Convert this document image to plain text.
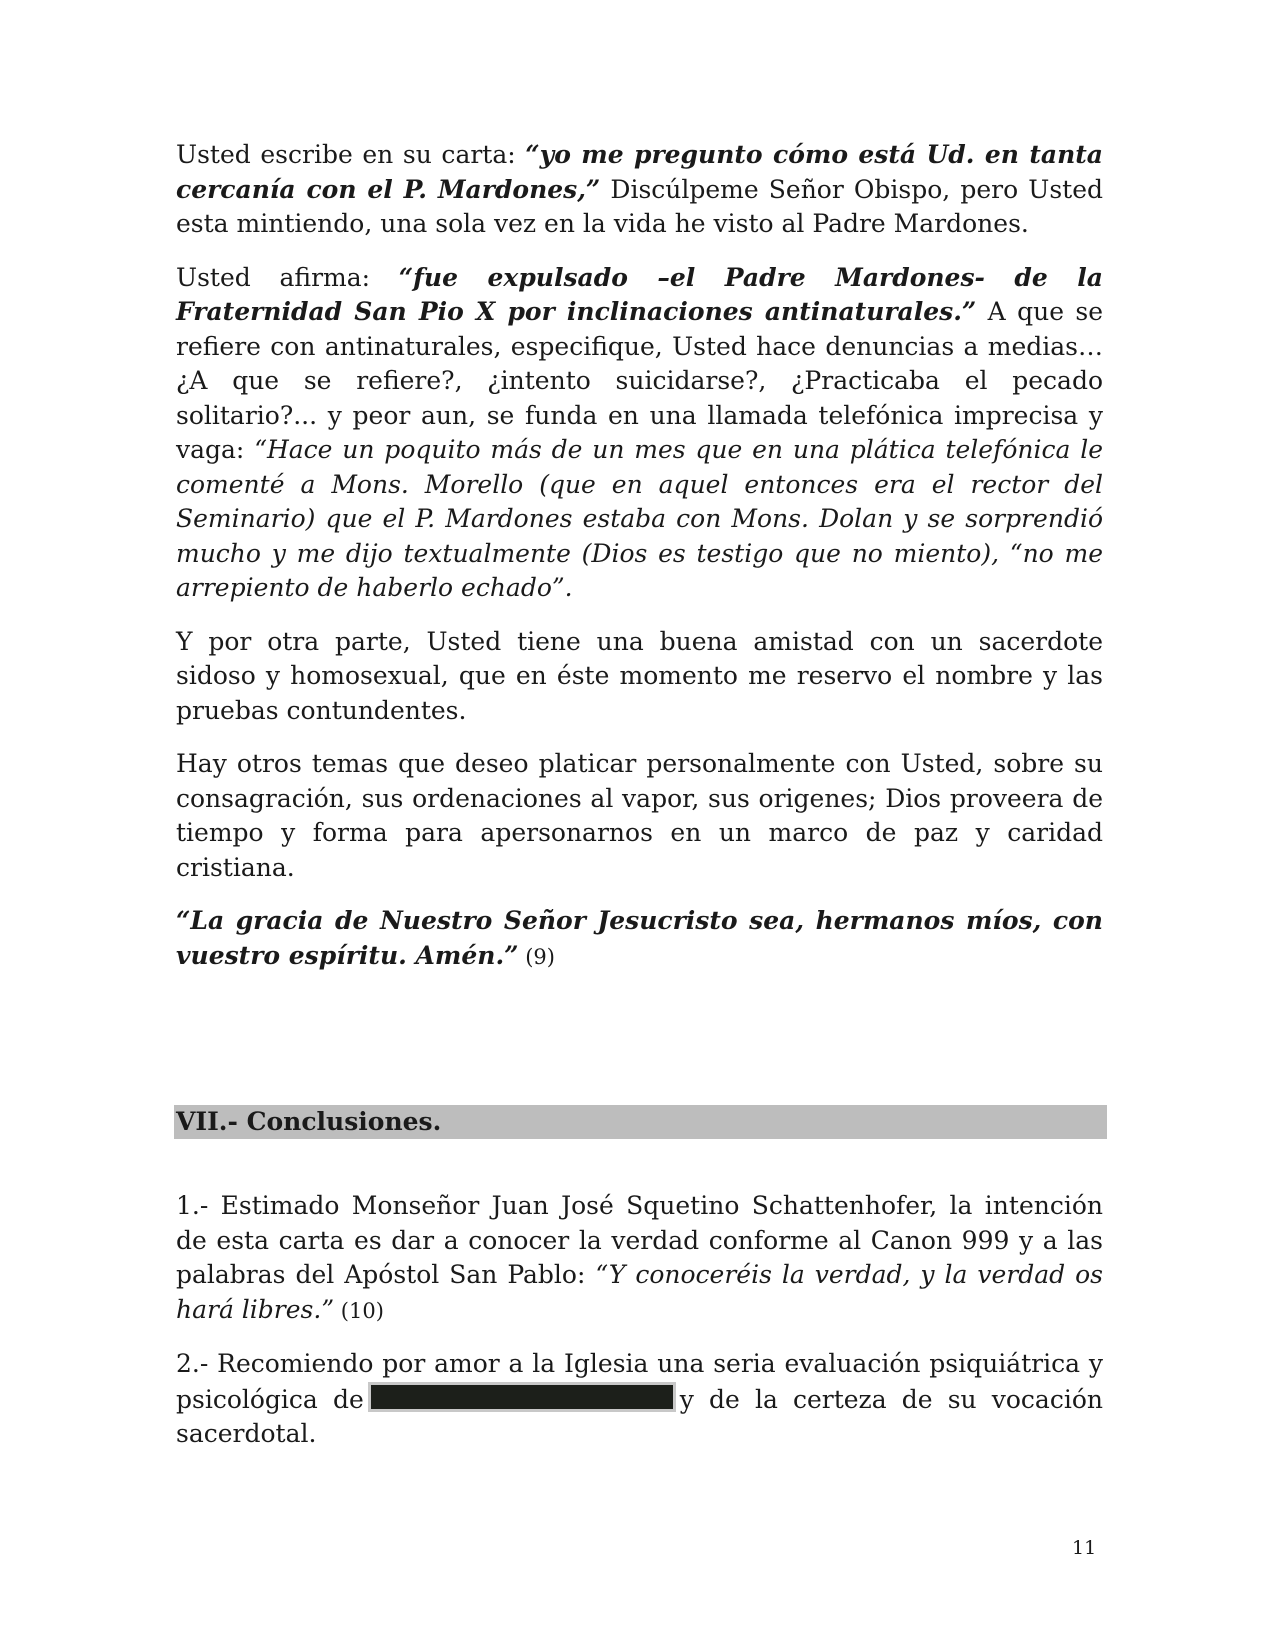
Usted escribe en su carta: “yo me pregunto cómo está Ud. en tanta cercanía con el P. Mardones,” Discúlpeme Señor Obispo, pero Usted esta mintiendo, una sola vez en la vida he visto al Padre Mardones.

Usted afirma: “fue expulsado –el Padre Mardones- de la Fraternidad San Pio X por inclinaciones antinaturales.” A que se refiere con antinaturales, especifique, Usted hace denuncias a medias… ¿A que se refiere?, ¿intento suicidarse?, ¿Practicaba el pecado solitario?... y peor aun, se funda en una llamada telefónica imprecisa y vaga: “Hace un poquito más de un mes que en una plática telefónica le comenté a Mons. Morello (que en aquel entonces era el rector del Seminario) que el P. Mardones estaba con Mons. Dolan y se sorprendió mucho y me dijo textualmente (Dios es testigo que no miento), “no me arrepiento de haberlo echado”.

Y por otra parte, Usted tiene una buena amistad con un sacerdote sidoso y homosexual, que en éste momento me reservo el nombre y las pruebas contundentes.

Hay otros temas que deseo platicar personalmente con Usted, sobre su consagración, sus ordenaciones al vapor, sus origenes; Dios proveera de tiempo y forma para apersonarnos en un marco de paz y caridad cristiana.

“La gracia de Nuestro Señor Jesucristo sea, hermanos míos, con vuestro espíritu. Amén.” (9)

VII.- Conclusiones.

1.- Estimado Monseñor Juan José Squetino Schattenhofer, la intención de esta carta es dar a conocer la verdad conforme al Canon 999 y a las palabras del Apóstol San Pablo: “Y conoceréis la verdad, y la verdad os hará libres.” (10)

2.- Recomiendo por amor a la Iglesia una seria evaluación psiquiátrica y psicológica de	y de la certeza de su vocación sacerdotal.

11
